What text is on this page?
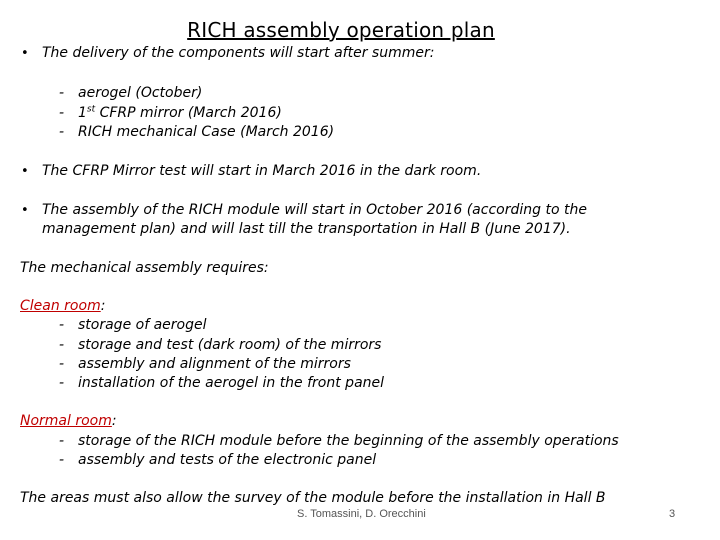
RICH assembly operation plan
• The delivery of the components will start after summer:
- aerogel (October)
- 1st CFRP mirror (March 2016)
- RICH mechanical Case (March 2016)
• The CFRP Mirror test will start in March 2016 in the dark room.
• The assembly of the RICH module will start in October 2016 (according to the
management plan) and will last till the transportation in Hall B (June 2017).
The mechanical assembly requires:
Clean room:
- storage of aerogel
- storage and test (dark room) of the mirrors
- assembly and alignment of the mirrors
- installation of the aerogel in the front panel
Normal room:
- storage of the RICH module before the beginning of the assembly operations
- assembly and tests of the electronic panel
The areas must also allow the survey of the module before the installation in Hall B
S. Tomassini, D. Orecchini	3
